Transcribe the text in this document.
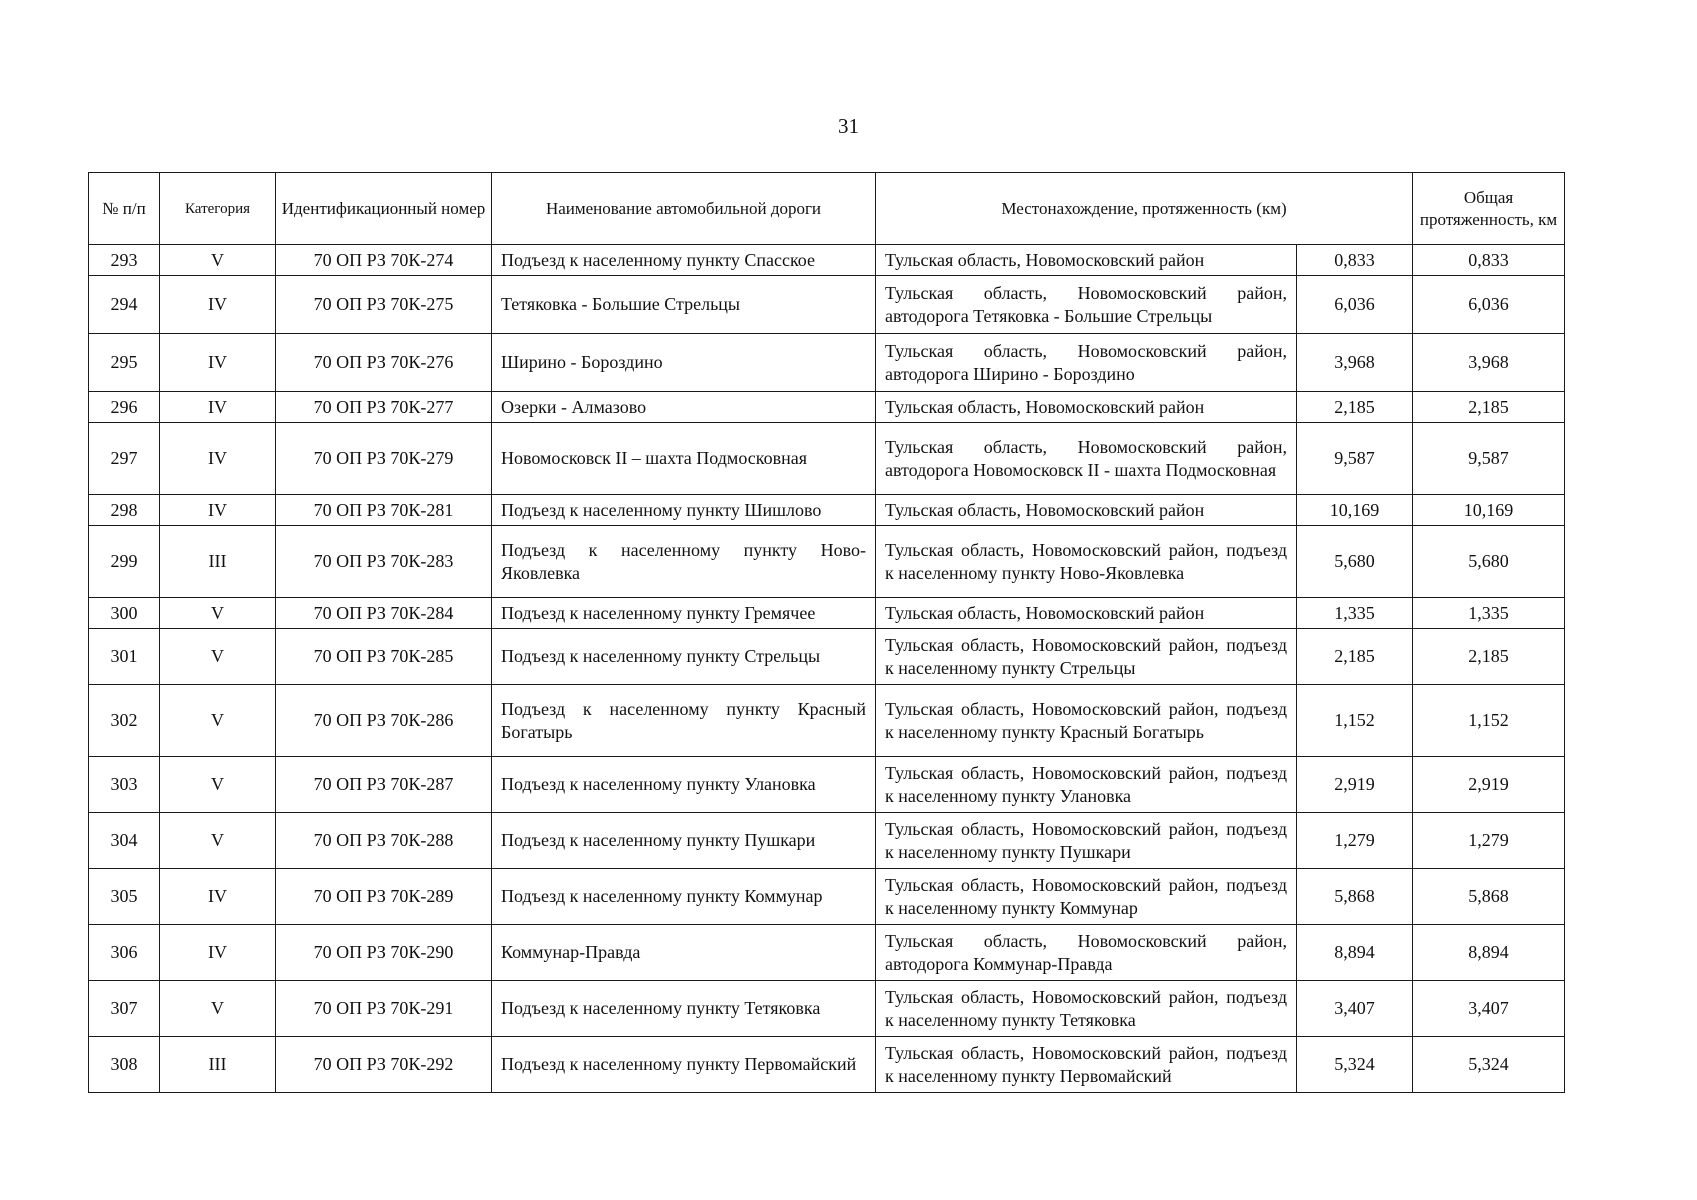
31
№ п/п	Категория	Идентификационный номер	Наименование автомобильной дороги	Местонахождение, протяженность (км)		Общая протяженность, км
293	V	70 ОП РЗ 70К-274	Подъезд к населенному пункту Спасское	Тульская область, Новомосковский район	0,833	0,833
294	IV	70 ОП РЗ 70К-275	Тетяковка - Большие Стрельцы	Тульская область, Новомосковский район, автодорога Тетяковка - Большие Стрельцы	6,036	6,036
295	IV	70 ОП РЗ 70К-276	Ширино - Бороздино	Тульская область, Новомосковский район, автодорога Ширино - Бороздино	3,968	3,968
296	IV	70 ОП РЗ 70К-277	Озерки - Алмазово	Тульская область, Новомосковский район	2,185	2,185
297	IV	70 ОП РЗ 70К-279	Новомосковск II – шахта Подмосковная	Тульская область, Новомосковский район, автодорога Новомосковск II - шахта Подмосковная	9,587	9,587
298	IV	70 ОП РЗ 70К-281	Подъезд к населенному пункту Шишлово	Тульская область, Новомосковский район	10,169	10,169
299	III	70 ОП РЗ 70К-283	Подъезд к населенному пункту Ново-Яковлевка	Тульская область, Новомосковский район, подъезд к населенному пункту Ново-Яковлевка	5,680	5,680
300	V	70 ОП РЗ 70К-284	Подъезд к населенному пункту Гремячее	Тульская область, Новомосковский район	1,335	1,335
301	V	70 ОП РЗ 70К-285	Подъезд к населенному пункту Стрельцы	Тульская область, Новомосковский район, подъезд к населенному пункту Стрельцы	2,185	2,185
302	V	70 ОП РЗ 70К-286	Подъезд к населенному пункту Красный Богатырь	Тульская область, Новомосковский район, подъезд к населенному пункту Красный Богатырь	1,152	1,152
303	V	70 ОП РЗ 70К-287	Подъезд к населенному пункту Улановка	Тульская область, Новомосковский район, подъезд к населенному пункту Улановка	2,919	2,919
304	V	70 ОП РЗ 70К-288	Подъезд к населенному пункту Пушкари	Тульская область, Новомосковский район, подъезд к населенному пункту Пушкари	1,279	1,279
305	IV	70 ОП РЗ 70К-289	Подъезд к населенному пункту Коммунар	Тульская область, Новомосковский район, подъезд к населенному пункту Коммунар	5,868	5,868
306	IV	70 ОП РЗ 70К-290	Коммунар-Правда	Тульская область, Новомосковский район, автодорога Коммунар-Правда	8,894	8,894
307	V	70 ОП РЗ 70К-291	Подъезд к населенному пункту Тетяковка	Тульская область, Новомосковский район, подъезд к населенному пункту Тетяковка	3,407	3,407
308	III	70 ОП РЗ 70К-292	Подъезд к населенному пункту Первомайский	Тульская область, Новомосковский район, подъезд к населенному пункту Первомайский	5,324	5,324
